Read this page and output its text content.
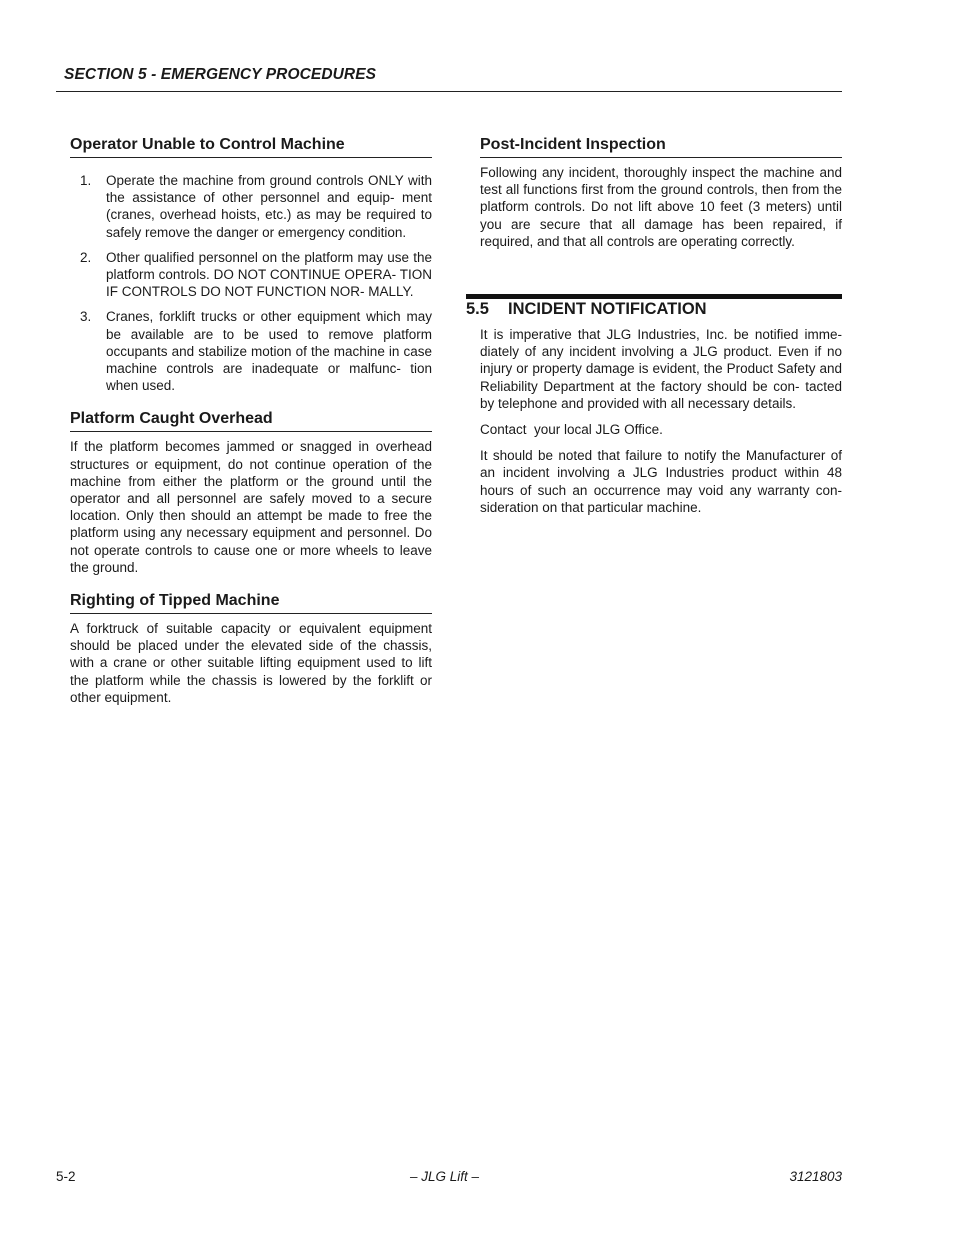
SECTION 5 - EMERGENCY PROCEDURES
Operator Unable to Control Machine
1. Operate the machine from ground controls ONLY with the assistance of other personnel and equip- ment (cranes, overhead hoists, etc.) as may be required to safely remove the danger or emergency condition.
2. Other qualified personnel on the platform may use the platform controls. DO NOT CONTINUE OPERA- TION IF CONTROLS DO NOT FUNCTION NOR- MALLY.
3. Cranes, forklift trucks or other equipment which may be available are to be used to remove platform occupants and stabilize motion of the machine in case machine controls are inadequate or malfunc- tion when used.
Platform Caught Overhead

If the platform becomes jammed or snagged in overhead structures or equipment, do not continue operation of the machine from either the platform or the ground until the operator and all personnel are safely moved to a secure location. Only then should an attempt be made to free the platform using any necessary equipment and personnel. Do not operate controls to cause one or more wheels to leave the ground.

Righting of Tipped Machine

A forktruck of suitable capacity or equivalent equipment should be placed under the elevated side of the chassis, with a crane or other suitable lifting equipment used to lift the platform while the chassis is lowered by the forklift or other equipment.

Post-Incident Inspection

Following any incident, thoroughly inspect the machine and test all functions first from the ground controls, then from the platform controls. Do not lift above 10 feet (3 meters) until you are secure that all damage has been repaired, if required, and that all controls are operating correctly.

5.5 INCIDENT NOTIFICATION

It is imperative that JLG Industries, Inc. be notified imme- diately of any incident involving a JLG product. Even if no injury or property damage is evident, the Product Safety and Reliability Department at the factory should be con- tacted by telephone and provided with all necessary details.

Contact  your local JLG Office.

It should be noted that failure to notify the Manufacturer of an incident involving a JLG Industries product within 48 hours of such an occurrence may void any warranty con- sideration on that particular machine.

5-2	– JLG Lift –	3121803
